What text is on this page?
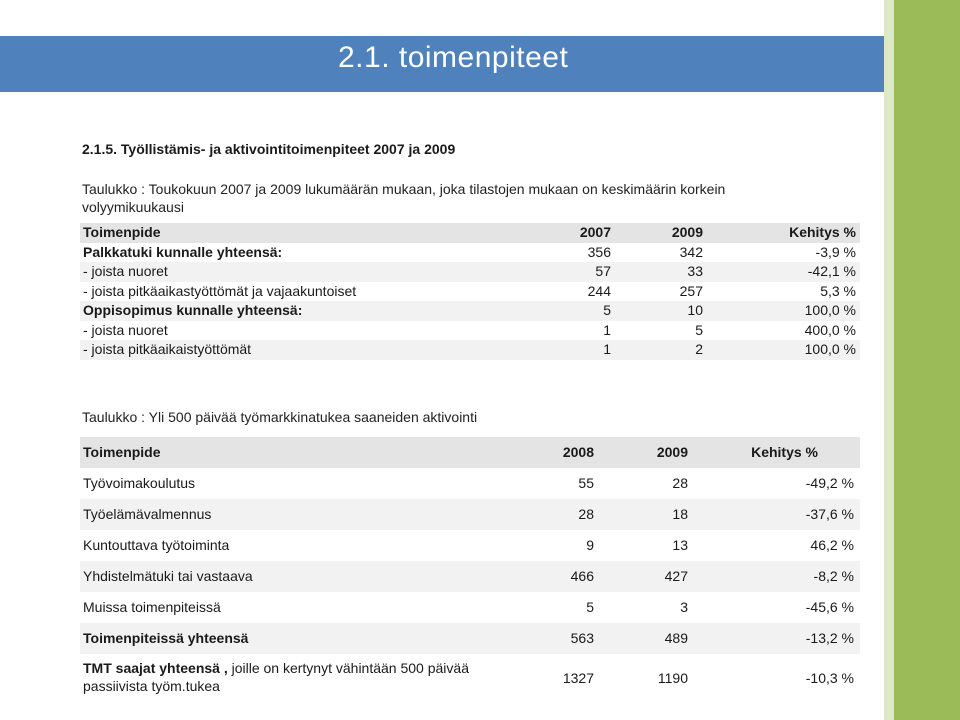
2.1. toimenpiteet
2.1.5. Työllistämis- ja aktivointitoimenpiteet 2007 ja 2009
Taulukko : Toukokuun 2007 ja 2009 lukumäärän mukaan, joka tilastojen mukaan on keskimäärin korkein volyymikuukausi
Toimenpide	2007	2009	Kehitys %
Palkkatuki kunnalle yhteensä:	356	342	-3,9 %
- joista nuoret	57	33	-42,1 %
- joista pitkäaikastyöttömät ja vajaakuntoiset	244	257	5,3 %
Oppisopimus kunnalle yhteensä:	5	10	100,0 %
- joista nuoret	1	5	400,0 %
- joista pitkäaikaistyöttömät	1	2	100,0 %
Taulukko : Yli 500 päivää työmarkkinatukea saaneiden aktivointi
Toimenpide	2008	2009	Kehitys %
Työvoimakoulutus	55	28	-49,2 %
Työelämävalmennus	28	18	-37,6 %
Kuntouttava työtoiminta	9	13	46,2 %
Yhdistelmätuki tai vastaava	466	427	-8,2 %
Muissa toimenpiteissä	5	3	-45,6 %
Toimenpiteissä yhteensä	563	489	-13,2 %
TMT saajat yhteensä , joille on kertynyt vähintään 500 päivää passiivista työm.tukea	1327	1190	-10,3 %
